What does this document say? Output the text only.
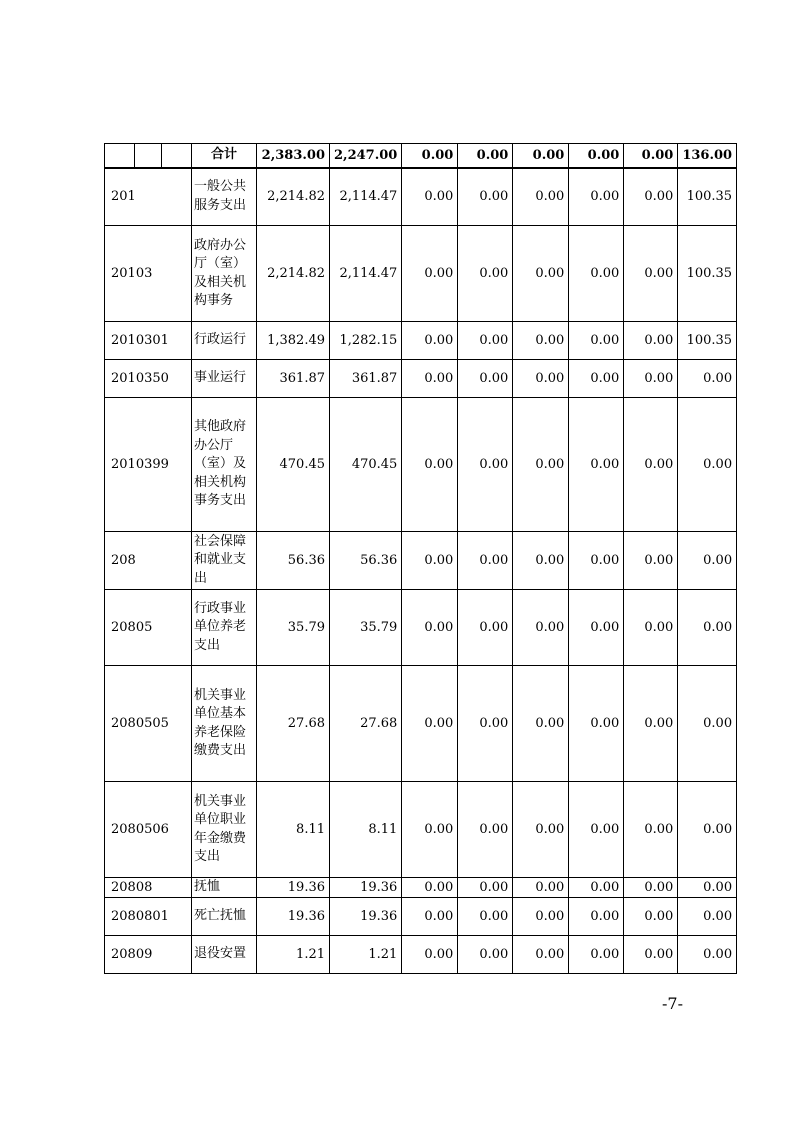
			合计	2,383.00	2,247.00	0.00	0.00	0.00	0.00	0.00	136.00
201			一般公共服务支出	2,214.82	2,114.47	0.00	0.00	0.00	0.00	0.00	100.35
20103			政府办公厅（室）及相关机构事务	2,214.82	2,114.47	0.00	0.00	0.00	0.00	0.00	100.35
2010301			行政运行	1,382.49	1,282.15	0.00	0.00	0.00	0.00	0.00	100.35
2010350			事业运行	361.87	361.87	0.00	0.00	0.00	0.00	0.00	0.00
2010399			其他政府办公厅（室）及相关机构事务支出	470.45	470.45	0.00	0.00	0.00	0.00	0.00	0.00
208			社会保障和就业支出	56.36	56.36	0.00	0.00	0.00	0.00	0.00	0.00
20805			行政事业单位养老支出	35.79	35.79	0.00	0.00	0.00	0.00	0.00	0.00
2080505			机关事业单位基本养老保险缴费支出	27.68	27.68	0.00	0.00	0.00	0.00	0.00	0.00
2080506			机关事业单位职业年金缴费支出	8.11	8.11	0.00	0.00	0.00	0.00	0.00	0.00
20808			抚恤	19.36	19.36	0.00	0.00	0.00	0.00	0.00	0.00
2080801			死亡抚恤	19.36	19.36	0.00	0.00	0.00	0.00	0.00	0.00
20809			退役安置	1.21	1.21	0.00	0.00	0.00	0.00	0.00	0.00
-7-
